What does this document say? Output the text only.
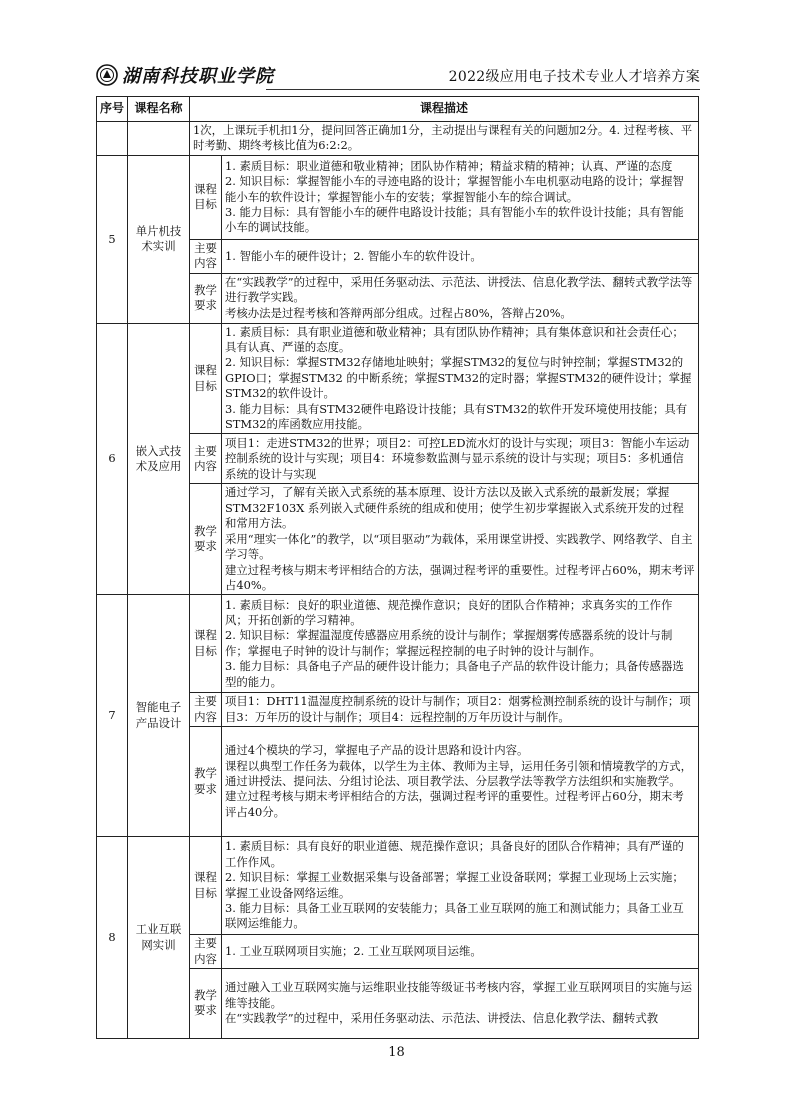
湖南科技职业学院	2022级应用电子技术专业人才培养方案
序号	课程名称	课程描述	
		1次，上课玩手机扣1分，提问回答正确加1分，主动提出与课程有关的问题加2分。4. 过程考核、平时考勤、期终考核比值为6:2:2。	
5	单片机技术实训	课程目标	1. 素质目标：职业道德和敬业精神；团队协作精神；精益求精的精神；认真、严谨的态度
2. 知识目标：掌握智能小车的寻迹电路的设计；掌握智能小车电机驱动电路的设计；掌握智能小车的软件设计；掌握智能小车的安装；掌握智能小车的综合调试。
3. 能力目标：具有智能小车的硬件电路设计技能；具有智能小车的软件设计技能；具有智能小车的调试技能。
		主要内容	1. 智能小车的硬件设计；2. 智能小车的软件设计。
		教学要求	在“实践教学”的过程中，采用任务驱动法、示范法、讲授法、信息化教学法、翻转式教学法等进行教学实践。
考核办法是过程考核和答辩两部分组成。过程占80%，答辩占20%。
6	嵌入式技术及应用	课程目标	1. 素质目标：具有职业道德和敬业精神；具有团队协作精神；具有集体意识和社会责任心；具有认真、严谨的态度。
2. 知识目标：掌握STM32存储地址映射；掌握STM32的复位与时钟控制；掌握STM32的GPIO口；掌握STM32 的中断系统；掌握STM32的定时器；掌握STM32的硬件设计；掌握STM32的软件设计。
3. 能力目标：具有STM32硬件电路设计技能；具有STM32的软件开发环境使用技能；具有STM32的库函数应用技能。
		主要内容	项目1：走进STM32的世界；项目2：可控LED流水灯的设计与实现；项目3：智能小车运动控制系统的设计与实现；项目4：环境参数监测与显示系统的设计与实现；项目5：多机通信系统的设计与实现
		教学要求	通过学习，了解有关嵌入式系统的基本原理、设计方法以及嵌入式系统的最新发展；掌握STM32F103X 系列嵌入式硬件系统的组成和使用；使学生初步掌握嵌入式系统开发的过程和常用方法。
采用“理实一体化”的教学，以“项目驱动”为载体，采用课堂讲授、实践教学、网络教学、自主学习等。
建立过程考核与期末考评相结合的方法，强调过程考评的重要性。过程考评占60%，期末考评占40%。
7	智能电子产品设计	课程目标	1. 素质目标：良好的职业道德、规范操作意识；良好的团队合作精神；求真务实的工作作风；开拓创新的学习精神。
2. 知识目标：掌握温湿度传感器应用系统的设计与制作；掌握烟雾传感器系统的设计与制作；掌握电子时钟的设计与制作；掌握远程控制的电子时钟的设计与制作。
3. 能力目标：具备电子产品的硬件设计能力；具备电子产品的软件设计能力；具备传感器选型的能力。
		主要内容	项目1：DHT11温湿度控制系统的设计与制作；项目2：烟雾检测控制系统的设计与制作；项目3：万年历的设计与制作；项目4：远程控制的万年历设计与制作。
		教学要求	通过4个模块的学习，掌握电子产品的设计思路和设计内容。
课程以典型工作任务为载体，以学生为主体、教师为主导，运用任务引领和情境教学的方式，通过讲授法、提问法、分组讨论法、项目教学法、分层教学法等教学方法组织和实施教学。
建立过程考核与期末考评相结合的方法，强调过程考评的重要性。过程考评占60分，期末考评占40分。
8	工业互联网实训	课程目标	1. 素质目标：具有良好的职业道德、规范操作意识；具备良好的团队合作精神；具有严谨的工作作风。
2. 知识目标：掌握工业数据采集与设备部署；掌握工业设备联网；掌握工业现场上云实施；掌握工业设备网络运维。
3. 能力目标：具备工业互联网的安装能力；具备工业互联网的施工和测试能力；具备工业互联网运维能力。
		主要内容	1. 工业互联网项目实施；2. 工业互联网项目运维。
		教学要求	通过融入工业互联网实施与运维职业技能等级证书考核内容，掌握工业互联网项目的实施与运维等技能。
在“实践教学”的过程中，采用任务驱动法、示范法、讲授法、信息化教学法、翻转式教
18
